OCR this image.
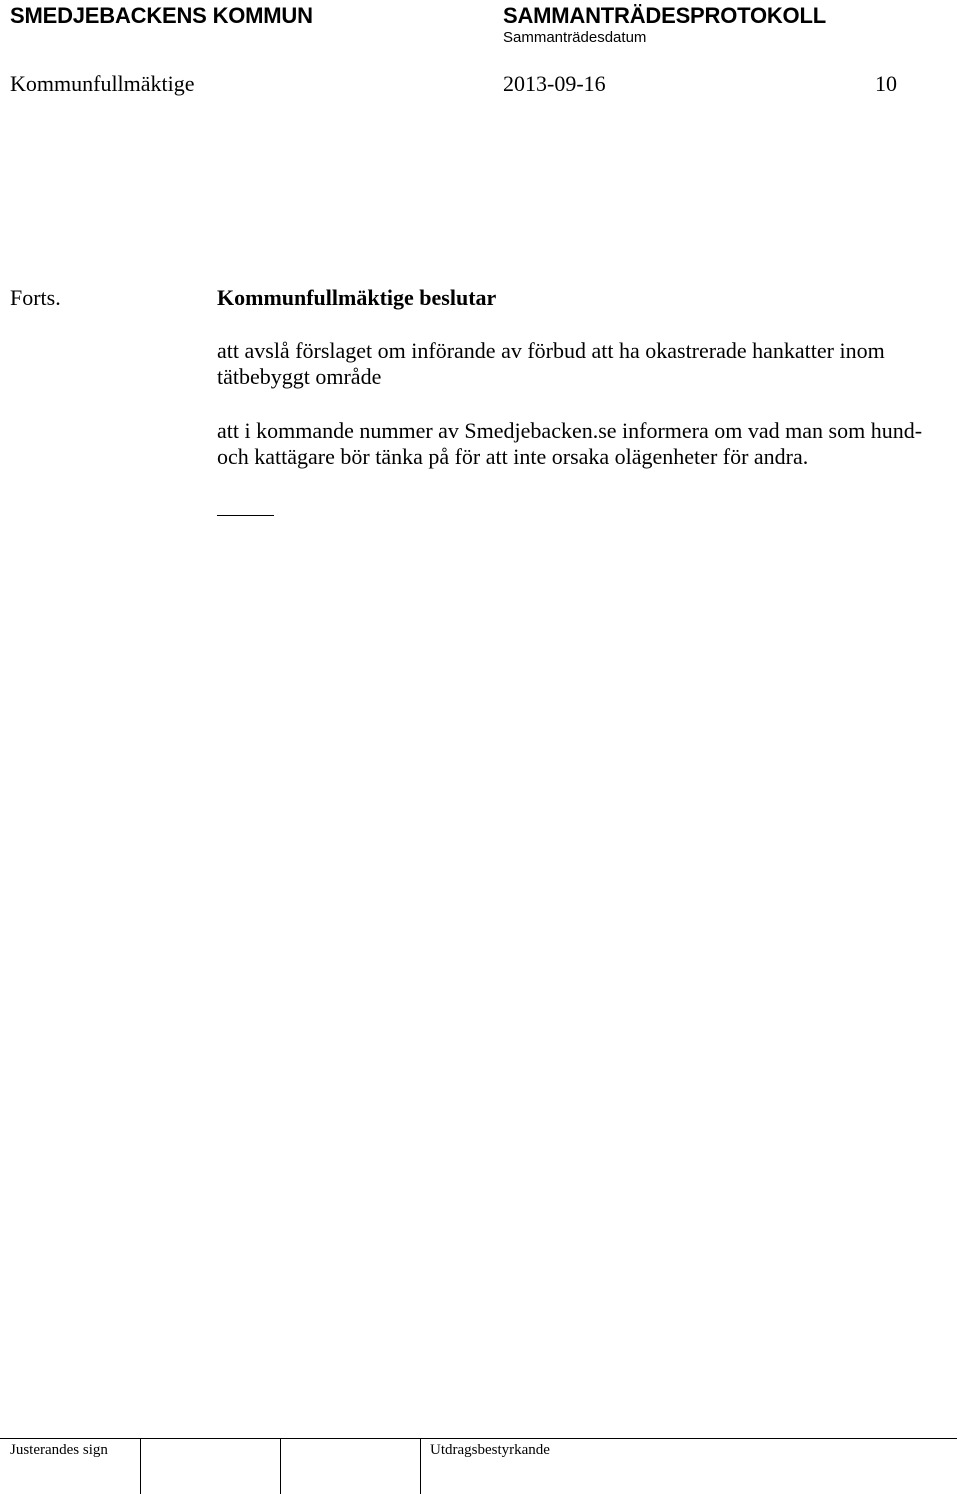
SMEDJEBACKENS KOMMUN	SAMMANTRÄDESPROTOKOLL
Sammanträdesdatum
Kommunfullmäktige	2013-09-16	10
Forts.	Kommunfullmäktige beslutar
att avslå förslaget om införande av förbud att ha okastrerade hankatter inom tätbebyggt område
att i kommande nummer av Smedjebacken.se informera om vad man som hund- och kattägare bör tänka på för att inte orsaka olägenheter för andra.
Justerandes sign	Utdragsbestyrkande
